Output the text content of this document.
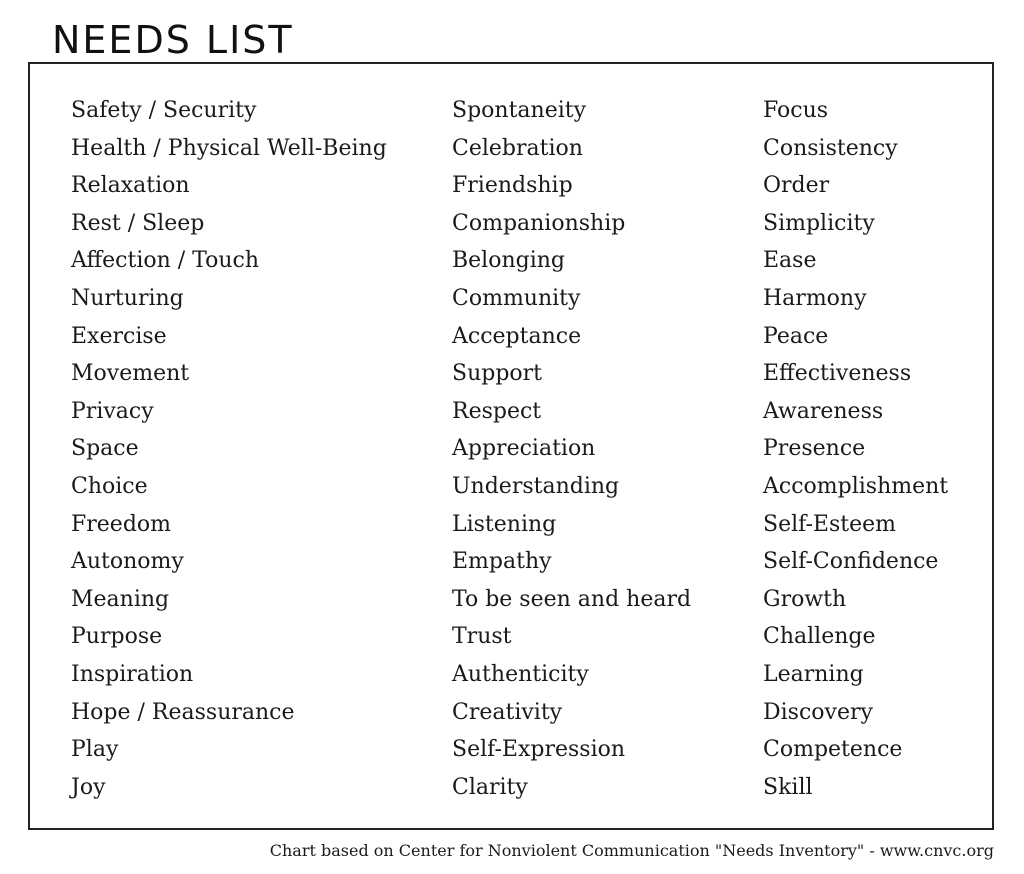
NEEDS LIST
Safety / Security
Health / Physical Well-Being
Relaxation
Rest / Sleep
Affection / Touch
Nurturing
Exercise
Movement
Privacy
Space
Choice
Freedom
Autonomy
Meaning
Purpose
Inspiration
Hope / Reassurance
Play
Joy
Spontaneity
Celebration
Friendship
Companionship
Belonging
Community
Acceptance
Support
Respect
Appreciation
Understanding
Listening
Empathy
To be seen and heard
Trust
Authenticity
Creativity
Self-Expression
Clarity
Focus
Consistency
Order
Simplicity
Ease
Harmony
Peace
Effectiveness
Awareness
Presence
Accomplishment
Self-Esteem
Self-Confidence
Growth
Challenge
Learning
Discovery
Competence
Skill
Chart based on Center for Nonviolent Communication "Needs Inventory" - www.cnvc.org
